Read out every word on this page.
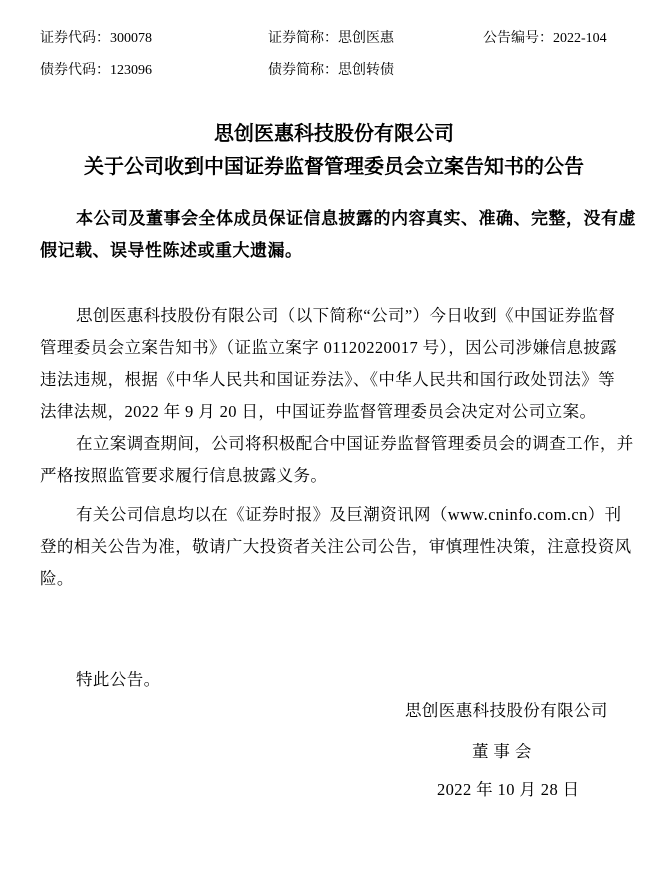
证券代码：300078	证券简称：思创医惠	公告编号：2022-104
债券代码：123096	债券简称：思创转债
思创医惠科技股份有限公司
关于公司收到中国证券监督管理委员会立案告知书的公告
本公司及董事会全体成员保证信息披露的内容真实、准确、完整，没有虚
假记载、误导性陈述或重大遗漏。
思创医惠科技股份有限公司（以下简称“公司”）今日收到《中国证券监督
管理委员会立案告知书》（证监立案字 01120220017 号），因公司涉嫌信息披露
违法违规，根据《中华人民共和国证券法》、《中华人民共和国行政处罚法》等
法律法规，2022 年 9 月 20 日，中国证券监督管理委员会决定对公司立案。
在立案调查期间，公司将积极配合中国证券监督管理委员会的调查工作，并
严格按照监管要求履行信息披露义务。
有关公司信息均以在《证券时报》及巨潮资讯网（www.cninfo.com.cn）刊
登的相关公告为准，敬请广大投资者关注公司公告，审慎理性决策，注意投资风
险。
特此公告。
思创医惠科技股份有限公司
董 事 会
2022 年 10 月 28 日
